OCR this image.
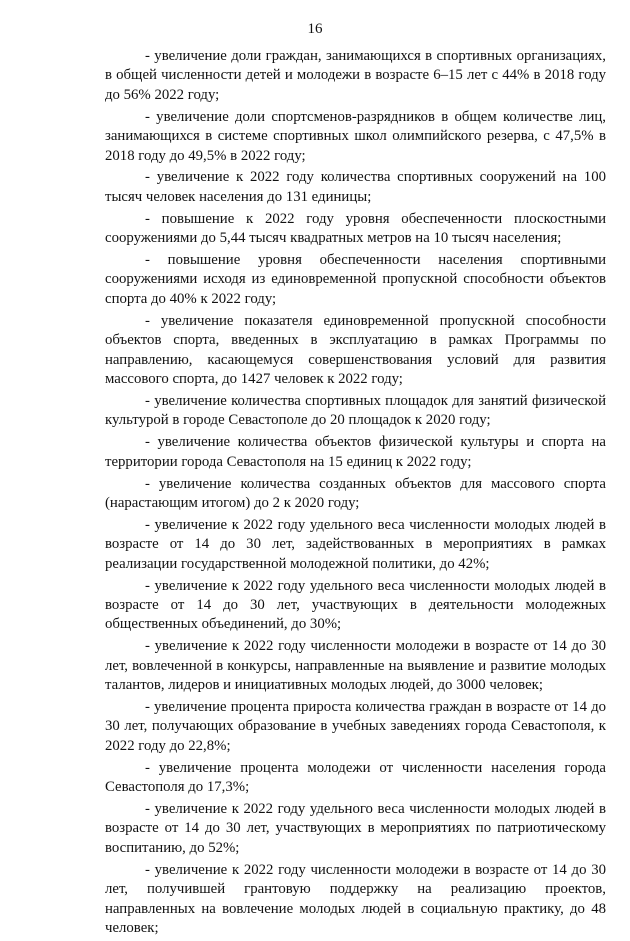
16

- увеличение доли граждан, занимающихся в спортивных организациях, в общей численности детей и молодежи в возрасте 6–15 лет с 44% в 2018 году до 56% 2022 году;

- увеличение доли спортсменов-разрядников в общем количестве лиц, занимающихся в системе спортивных школ олимпийского резерва, с 47,5% в 2018 году до 49,5% в 2022 году;

- увеличение к 2022 году количества спортивных сооружений на 100 тысяч человек населения до 131 единицы;

- повышение к 2022 году уровня обеспеченности плоскостными сооружениями до 5,44 тысяч квадратных метров на 10 тысяч населения;

- повышение уровня обеспеченности населения спортивными сооружениями исходя из единовременной пропускной способности объектов спорта до 40% к 2022 году;

- увеличение показателя единовременной пропускной способности объектов спорта, введенных в эксплуатацию в рамках Программы по направлению, касающемуся совершенствования условий для развития массового спорта, до 1427 человек к 2022 году;

- увеличение количества спортивных площадок для занятий физической культурой в городе Севастополе до 20 площадок к 2020 году;

- увеличение количества объектов физической культуры и спорта на территории города Севастополя на 15 единиц к 2022 году;

- увеличение количества созданных объектов для массового спорта (нарастающим итогом) до 2 к 2020 году;

- увеличение к 2022 году удельного веса численности молодых людей в возрасте от 14 до 30 лет, задействованных в мероприятиях в рамках реализации государственной молодежной политики, до 42%;

- увеличение к 2022 году удельного веса численности молодых людей в возрасте от 14 до 30 лет, участвующих в деятельности молодежных общественных объединений, до 30%;

- увеличение к 2022 году численности молодежи в возрасте от 14 до 30 лет, вовлеченной в конкурсы, направленные на выявление и развитие молодых талантов, лидеров и инициативных молодых людей, до 3000 человек;

- увеличение процента прироста количества граждан в возрасте от 14 до 30 лет, получающих образование в учебных заведениях города Севастополя, к 2022 году до 22,8%;

- увеличение процента молодежи от численности населения города Севастополя до 17,3%;

- увеличение к 2022 году удельного веса численности молодых людей в возрасте от 14 до 30 лет, участвующих в мероприятиях по патриотическому воспитанию, до 52%;

- увеличение к 2022 году численности молодежи в возрасте от 14 до 30 лет, получившей грантовую поддержку на реализацию проектов, направленных на вовлечение молодых людей в социальную практику, до 48 человек;
